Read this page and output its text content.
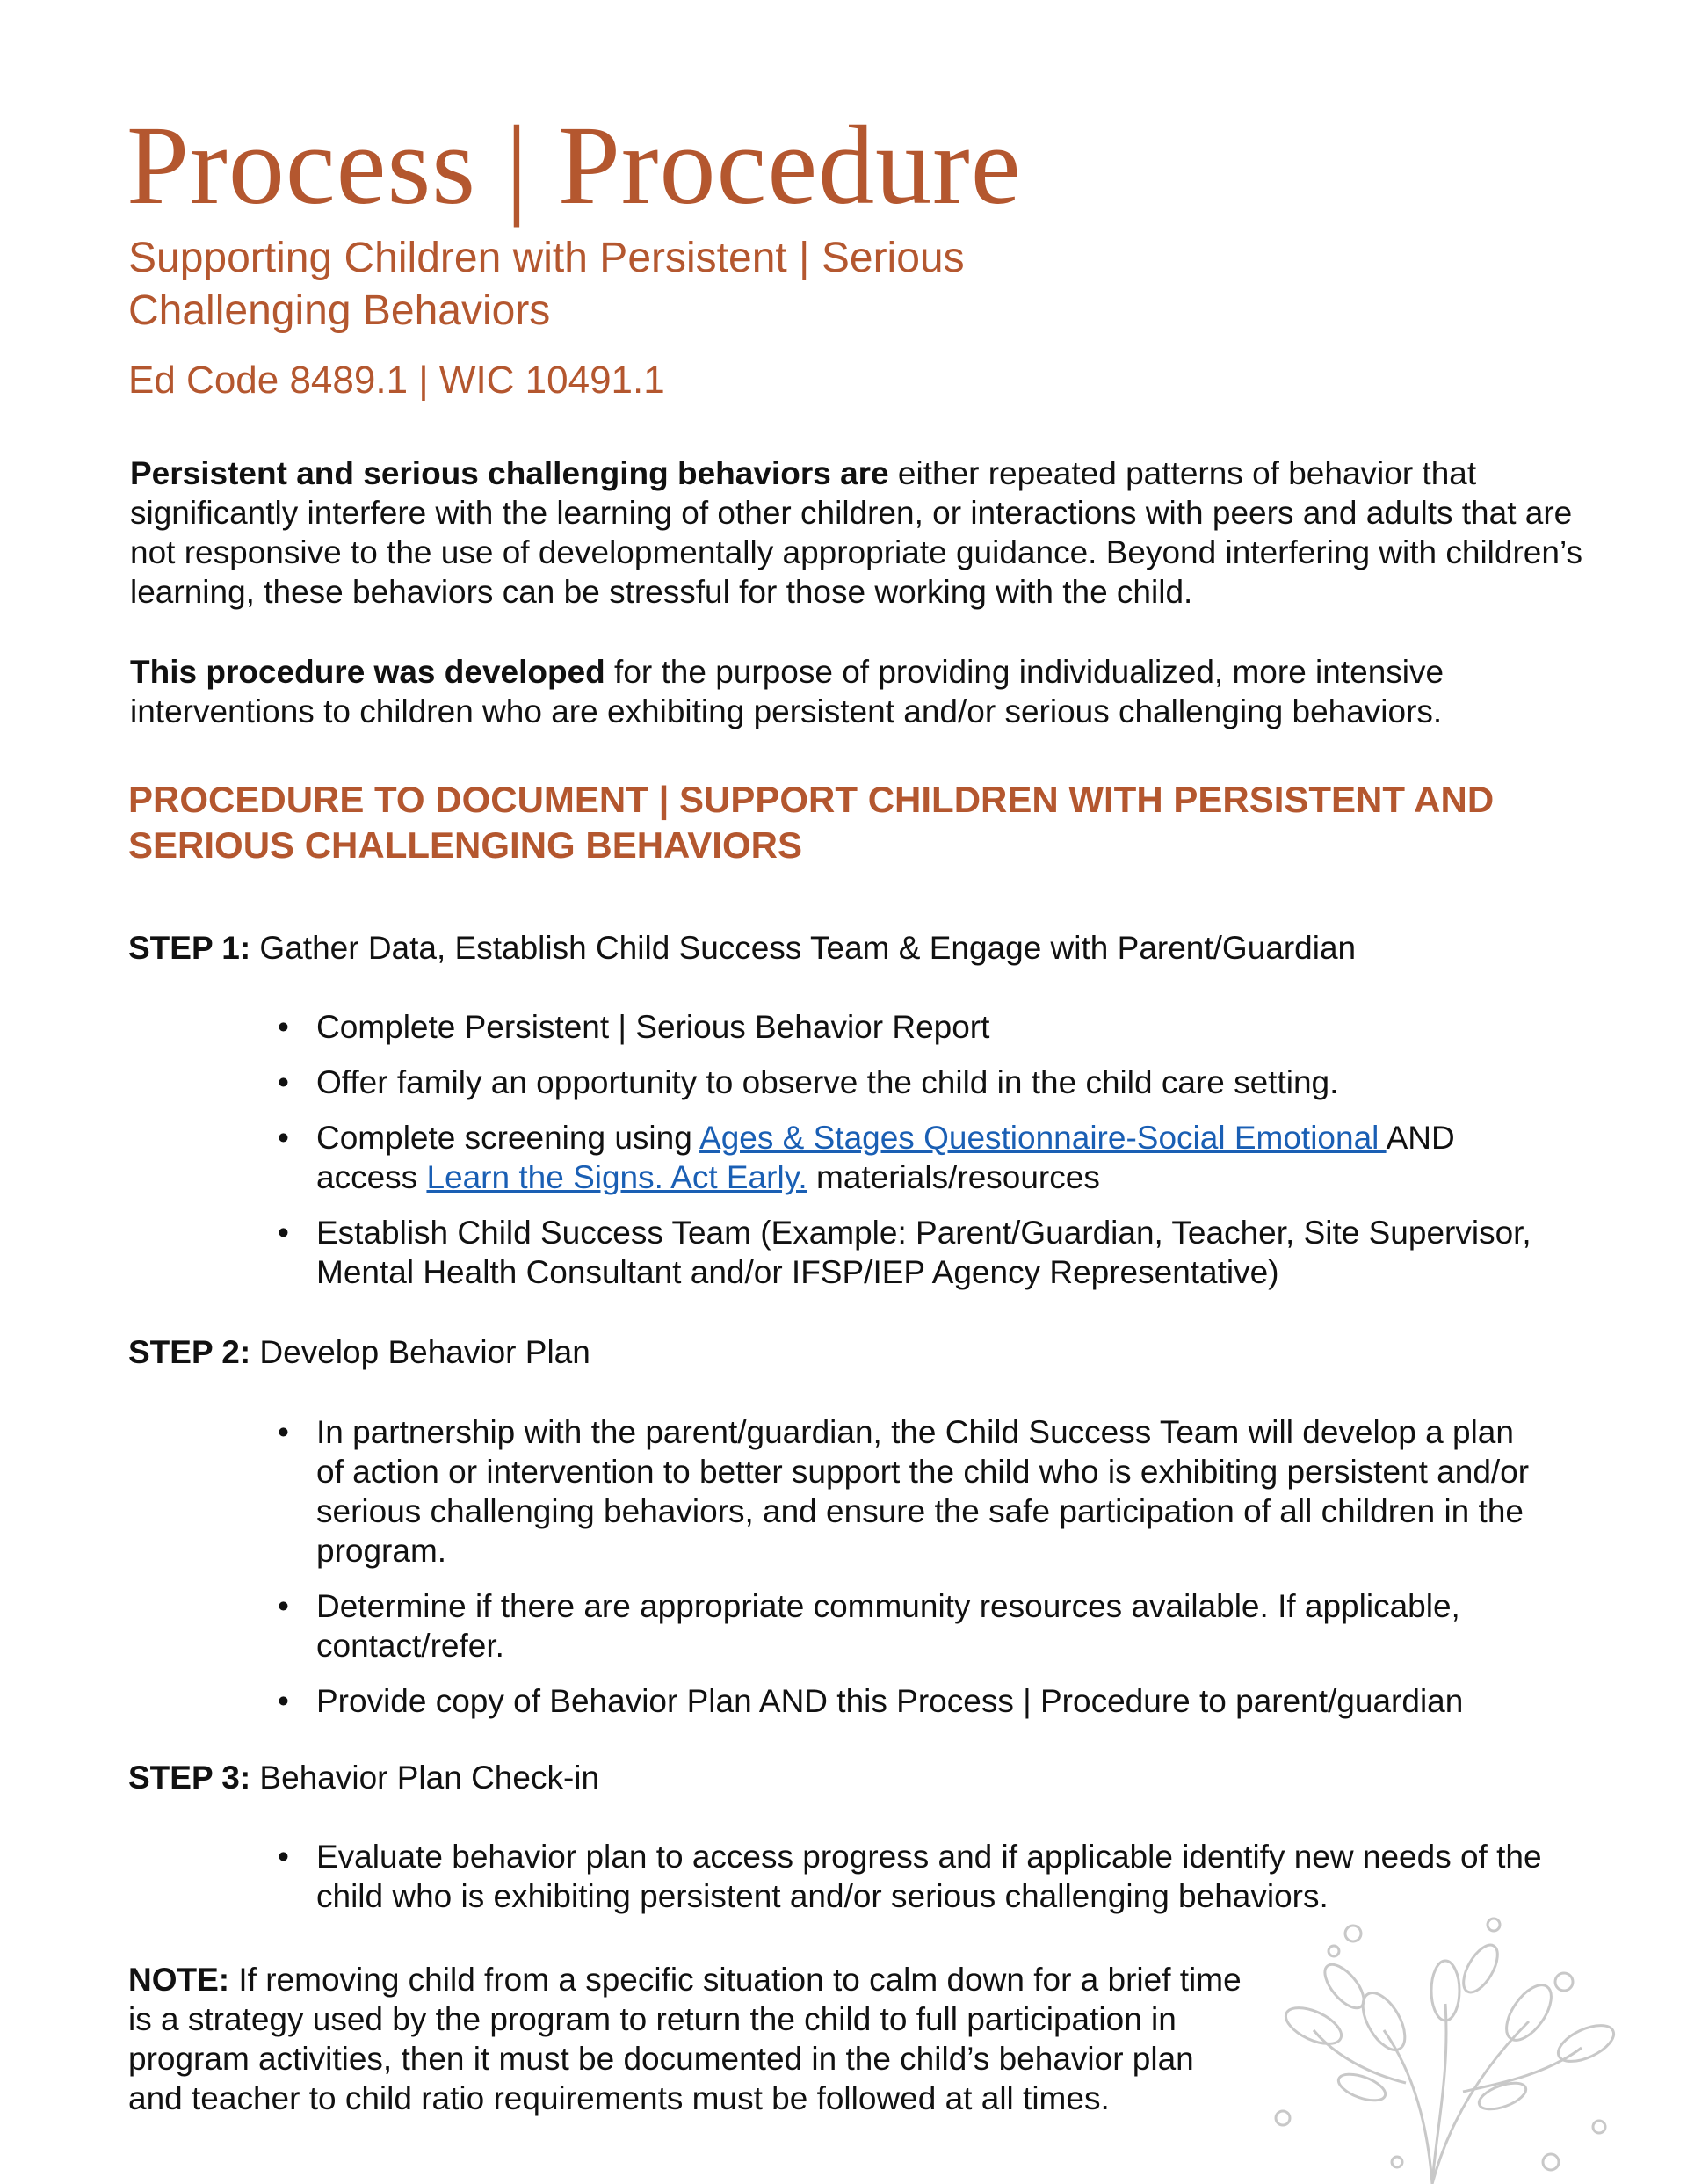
Process | Procedure
Supporting Children with Persistent | Serious Challenging Behaviors
Ed Code 8489.1 | WIC 10491.1

Persistent and serious challenging behaviors are either repeated patterns of behavior that significantly interfere with the learning of other children, or interactions with peers and adults that are not responsive to the use of developmentally appropriate guidance. Beyond interfering with children’s learning, these behaviors can be stressful for those working with the child.

This procedure was developed for the purpose of providing individualized, more intensive interventions to children who are exhibiting persistent and/or serious challenging behaviors.

PROCEDURE TO DOCUMENT | SUPPORT CHILDREN WITH PERSISTENT AND SERIOUS CHALLENGING BEHAVIORS

STEP 1: Gather Data, Establish Child Success Team & Engage with Parent/Guardian

• Complete Persistent | Serious Behavior Report
• Offer family an opportunity to observe the child in the child care setting.
• Complete screening using Ages & Stages Questionnaire-Social Emotional AND access Learn the Signs. Act Early. materials/resources
• Establish Child Success Team (Example: Parent/Guardian, Teacher, Site Supervisor, Mental Health Consultant and/or IFSP/IEP Agency Representative)

STEP 2: Develop Behavior Plan

• In partnership with the parent/guardian, the Child Success Team will develop a plan of action or intervention to better support the child who is exhibiting persistent and/or serious challenging behaviors, and ensure the safe participation of all children in the program.
• Determine if there are appropriate community resources available. If applicable, contact/refer.
• Provide copy of Behavior Plan AND this Process | Procedure to parent/guardian

STEP 3: Behavior Plan Check-in

• Evaluate behavior plan to access progress and if applicable identify new needs of the child who is exhibiting persistent and/or serious challenging behaviors.

NOTE: If removing child from a specific situation to calm down for a brief time is a strategy used by the program to return the child to full participation in program activities, then it must be documented in the child’s behavior plan and teacher to child ratio requirements must be followed at all times.
